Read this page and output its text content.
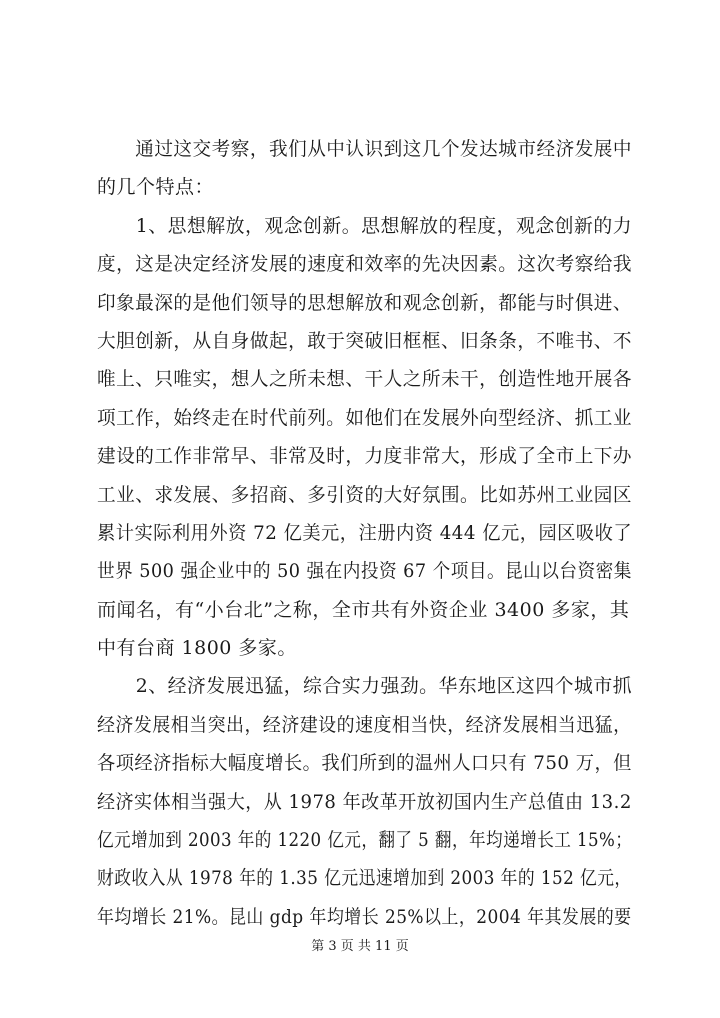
　　通过这交考察，我们从中认识到这几个发达城市经济发展中
的几个特点：
　　1、思想解放，观念创新。思想解放的程度，观念创新的力
度，这是决定经济发展的速度和效率的先决因素。这次考察给我
印象最深的是他们领导的思想解放和观念创新，都能与时俱进、
大胆创新，从自身做起，敢于突破旧框框、旧条条，不唯书、不
唯上、只唯实，想人之所未想、干人之所未干，创造性地开展各
项工作，始终走在时代前列。如他们在发展外向型经济、抓工业
建设的工作非常早、非常及时，力度非常大，形成了全市上下办
工业、求发展、多招商、多引资的大好氛围。比如苏州工业园区
累计实际利用外资 72 亿美元，注册内资 444 亿元，园区吸收了
世界 500 强企业中的 50 强在内投资 67 个项目。昆山以台资密集
而闻名，有“小台北”之称，全市共有外资企业 3400 多家，其
中有台商 1800 多家。
　　2、经济发展迅猛，综合实力强劲。华东地区这四个城市抓
经济发展相当突出，经济建设的速度相当快，经济发展相当迅猛，
各项经济指标大幅度增长。我们所到的温州人口只有 750 万，但
经济实体相当强大，从 1978 年改革开放初国内生产总值由 13.2
亿元增加到 2003 年的 1220 亿元，翻了 5 翻，年均递增长工 15%；
财政收入从 1978 年的 1.35 亿元迅速增加到 2003 年的 152 亿元，
年均增长 21%。昆山 gdp 年均增长 25%以上，2004 年其发展的要
第 3 页 共 11 页
